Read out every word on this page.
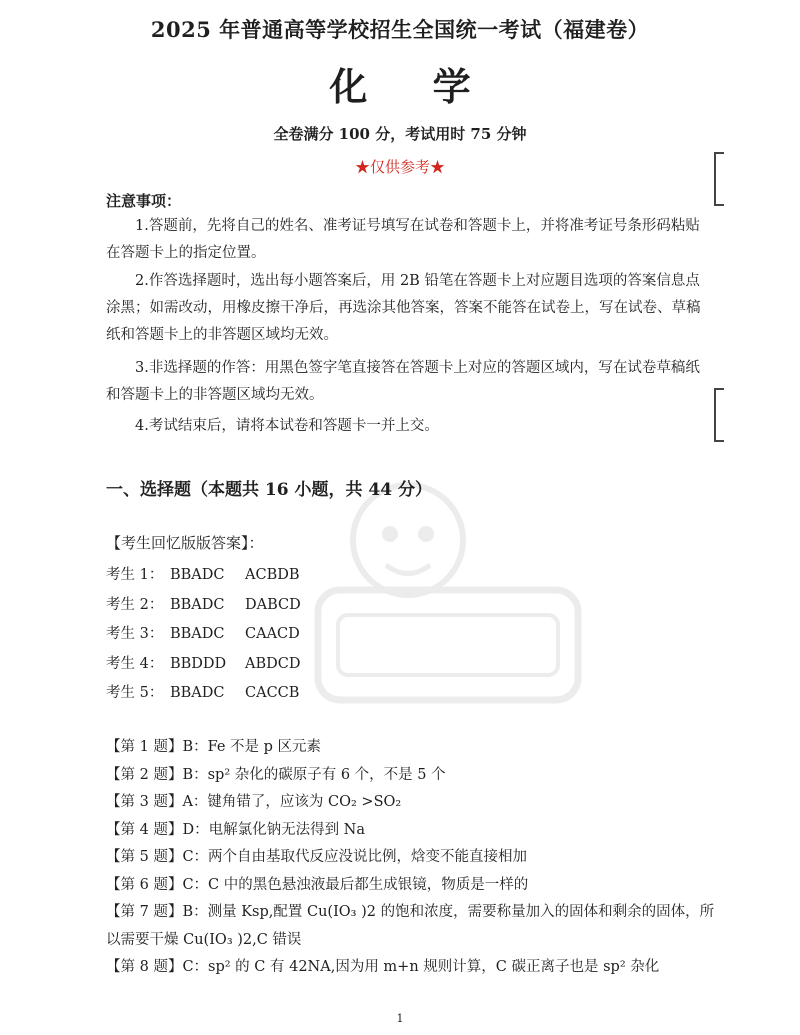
2025 年普通高等学校招生全国统一考试（福建卷）
化 学
全卷满分 100 分，考试用时 75 分钟
★仅供参考★
注意事项：

1.答题前，先将自己的姓名、准考证号填写在试卷和答题卡上，并将准考证号条形码粘贴在答题卡上的指定位置。

2.作答选择题时，选出每小题答案后，用 2B 铅笔在答题卡上对应题目选项的答案信息点涂黑；如需改动，用橡皮擦干净后，再选涂其他答案，答案不能答在试卷上，写在试卷、草稿纸和答题卡上的非答题区域均无效。

3.非选择题的作答：用黑色签字笔直接答在答题卡上对应的答题区域内，写在试卷草稿纸和答题卡上的非答题区域均无效。

4.考试结束后，请将本试卷和答题卡一并上交。

一、选择题（本题共 16 小题，共 44 分）
【考生回忆版版答案】：
考生 1： BBADC ACBDB
考生 2： BBADC DABCD
考生 3： BBADC CAACD
考生 4： BBDDD ABDCD
考生 5： BBADC CACCB
【第 1 题】B：Fe 不是 p 区元素
【第 2 题】B：sp² 杂化的碳原子有 6 个，不是 5 个
【第 3 题】A：键角错了，应该为 CO₂ >SO₂
【第 4 题】D：电解氯化钠无法得到 Na
【第 5 题】C：两个自由基取代反应没说比例，焓变不能直接相加
【第 6 题】C：C 中的黑色悬浊液最后都生成银镜，物质是一样的
【第 7 题】B：测量 Ksp,配置 Cu(IO₃ )2 的饱和浓度，需要称量加入的固体和剩余的固体，所以需要干燥 Cu(IO₃ )2,C 错误
【第 8 题】C：sp² 的 C 有 42NA,因为用 m+n 规则计算，C 碳正离子也是 sp² 杂化
1
